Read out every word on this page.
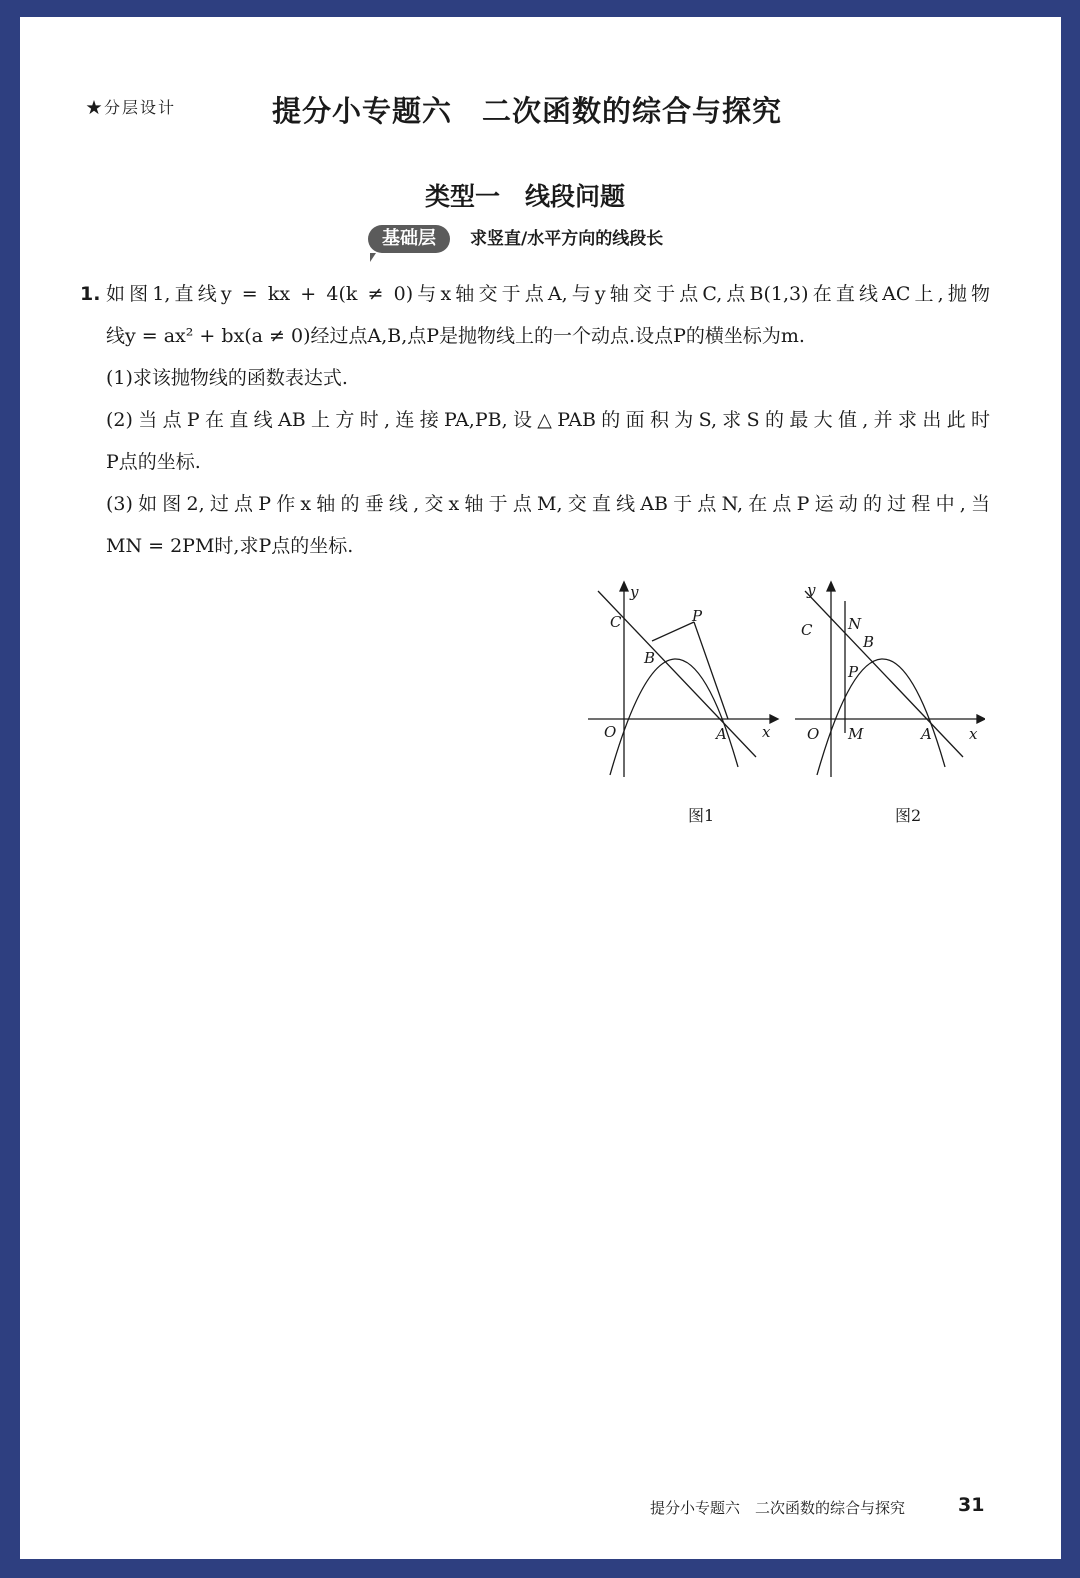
★分层设计	提分小专题六　二次函数的综合与探究
类型一　线段问题
基础层	求竖直/水平方向的线段长
1. 如图1,直线y = kx + 4(k ≠ 0)与x轴交于点A,与y轴交于点C,点B(1,3)在直线AC上,抛物
线y = ax² + bx(a ≠ 0)经过点A,B,点P是抛物线上的一个动点.设点P的横坐标为m.
(1)求该抛物线的函数表达式.
(2)当点P在直线AB上方时,连接PA,PB,设△PAB的面积为S,求S的最大值,并求出此时
P点的坐标.
(3)如图2,过点P作x轴的垂线,交x轴于点M,交直线AB于点N,在点P运动的过程中,当
MN = 2PM时,求P点的坐标.
y
C
B
P
O	A x
图1
y
C N
B
P
O M	A x
图2
提分小专题六　二次函数的综合与探究	31
